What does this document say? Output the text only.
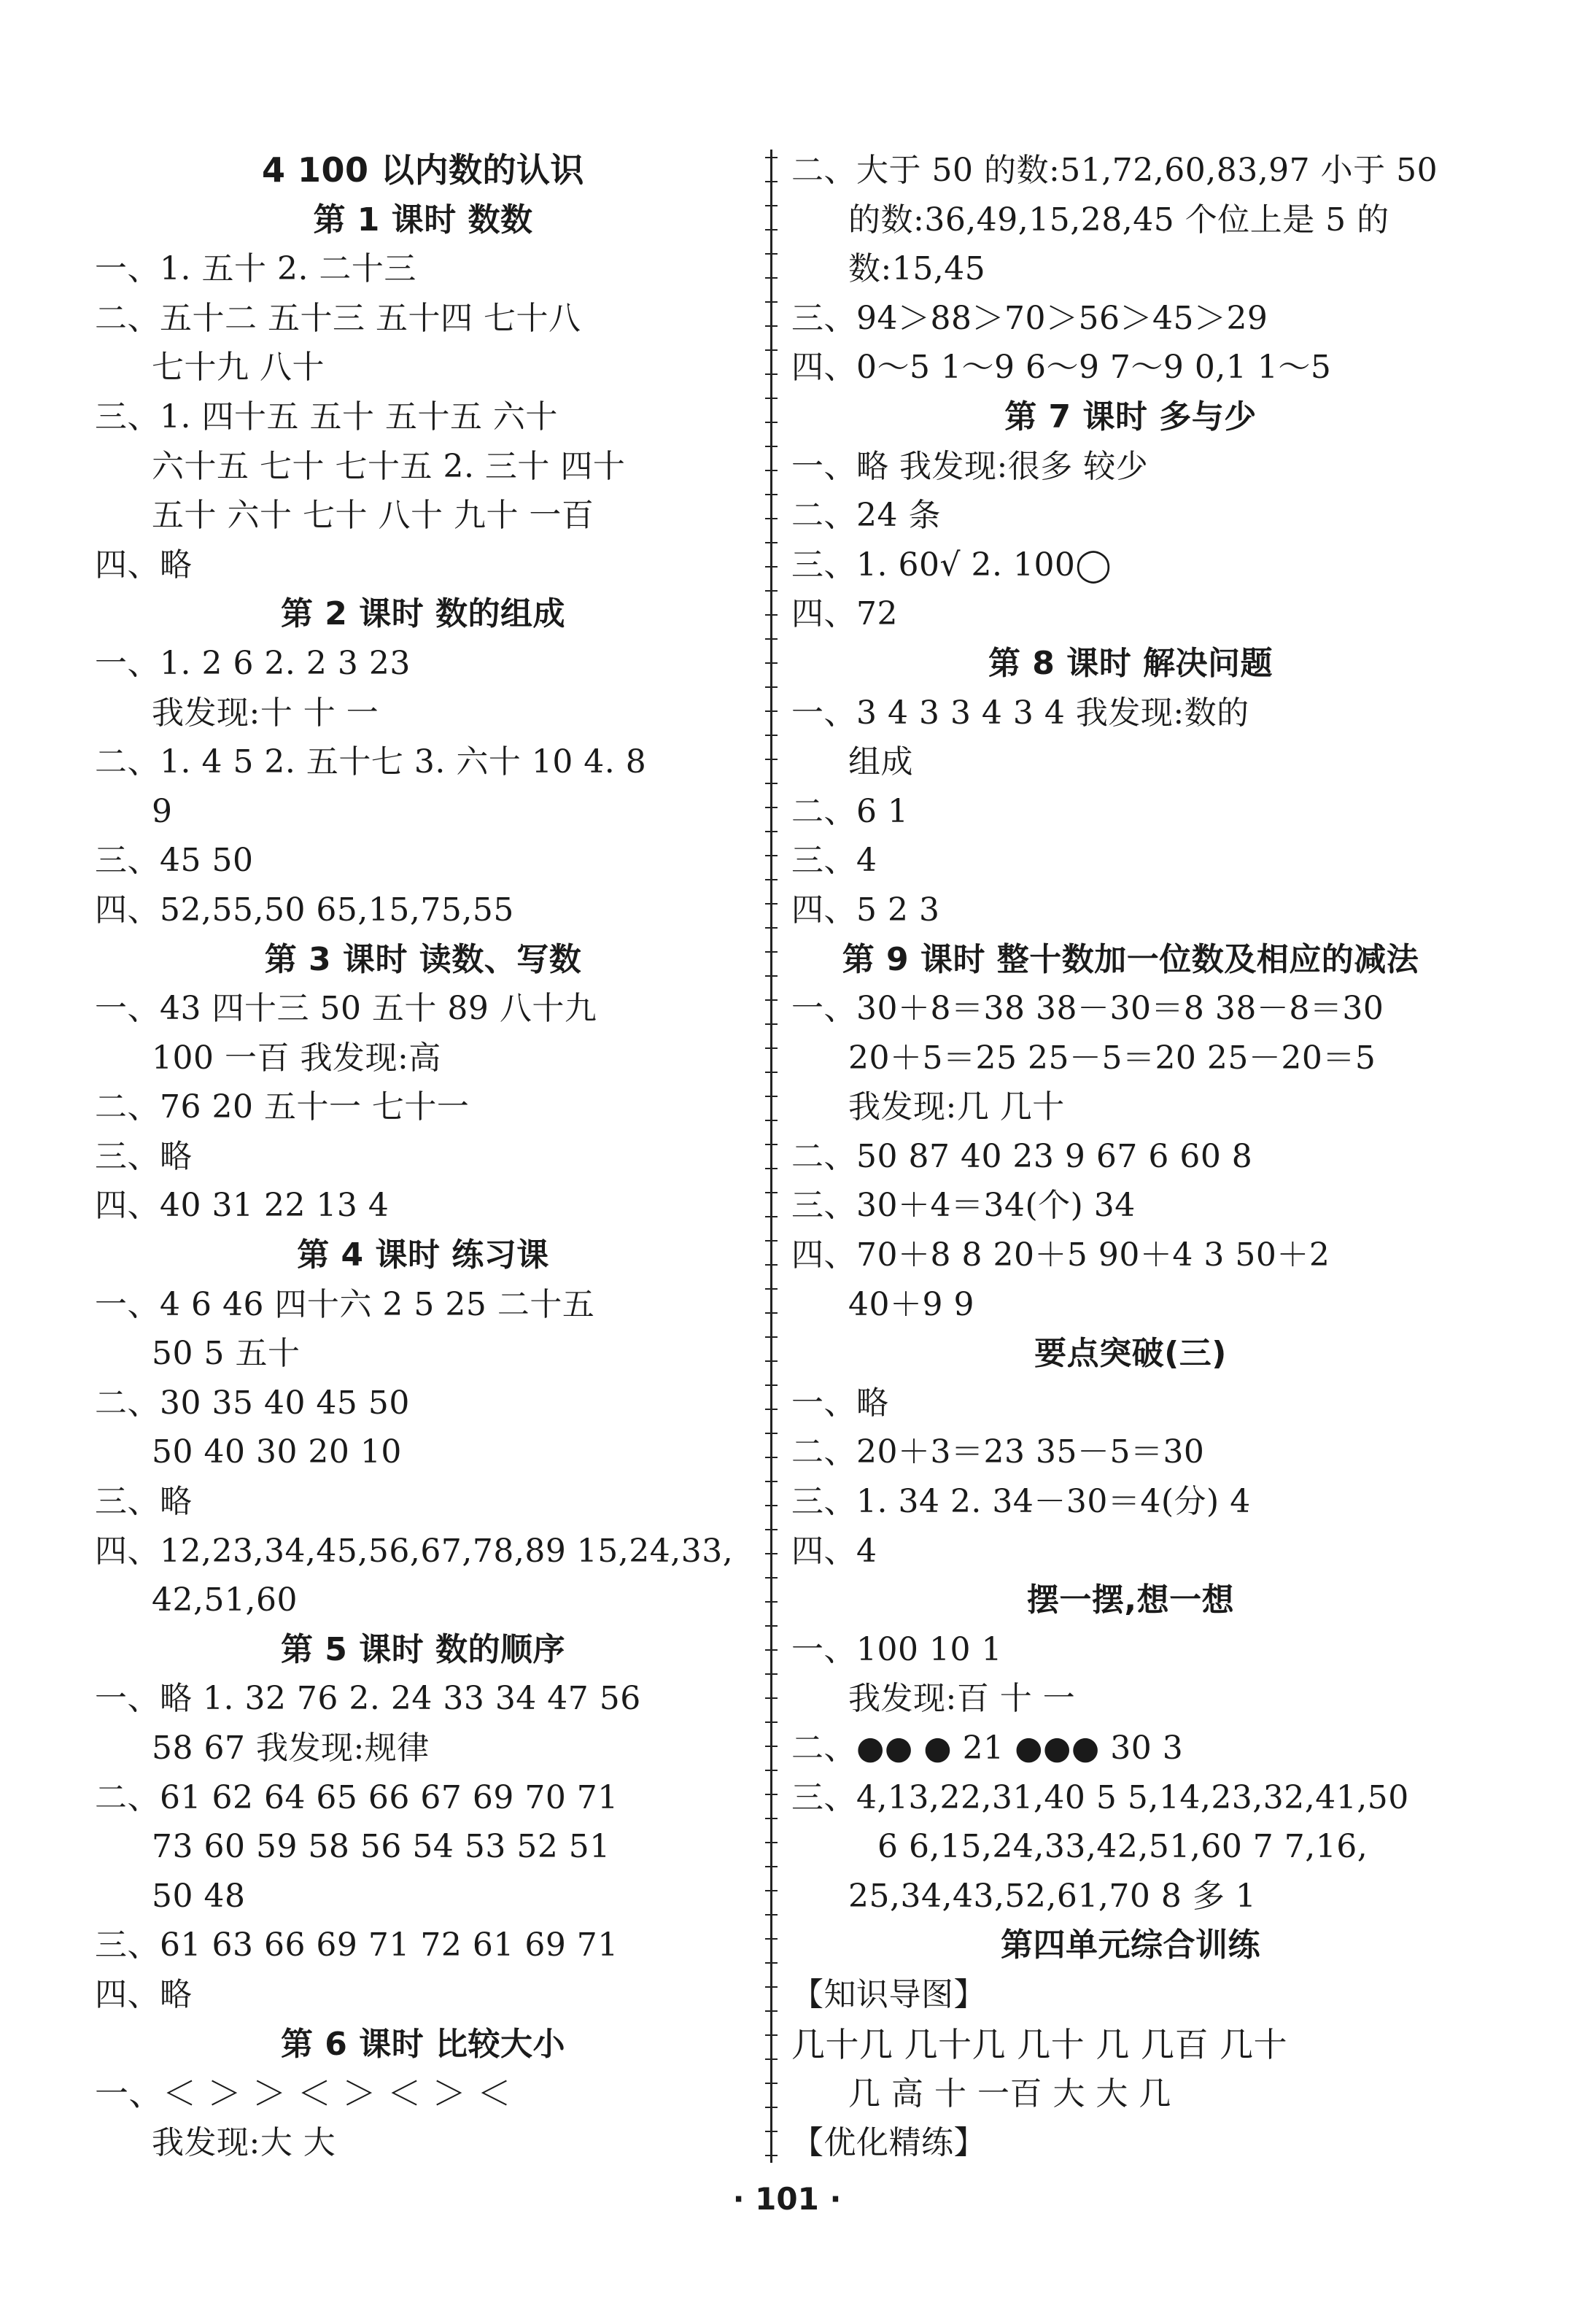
4 100 以内数的认识
第 1 课时 数数
一、1. 五十 2. 二十三
二、五十二 五十三 五十四 七十八
七十九 八十
三、1. 四十五 五十 五十五 六十
六十五 七十 七十五 2. 三十 四十
五十 六十 七十 八十 九十 一百
四、略
第 2 课时 数的组成
一、1. 2 6 2. 2 3 23
我发现:十 十 一
二、1. 4 5 2. 五十七 3. 六十 10 4. 8
9
三、45 50
四、52,55,50 65,15,75,55
第 3 课时 读数、写数
一、43 四十三 50 五十 89 八十九
100 一百 我发现:高
二、76 20 五十一 七十一
三、略
四、40 31 22 13 4
第 4 课时 练习课
一、4 6 46 四十六 2 5 25 二十五
50 5 五十
二、30 35 40 45 50
50 40 30 20 10
三、略
四、12,23,34,45,56,67,78,89 15,24,33,
42,51,60
第 5 课时 数的顺序
一、略 1. 32 76 2. 24 33 34 47 56
58 67 我发现:规律
二、61 62 64 65 66 67 69 70 71
73 60 59 58 56 54 53 52 51
50 48
三、61 63 66 69 71 72 61 69 71
四、略
第 6 课时 比较大小
一、＜ ＞ ＞ ＜ ＞ ＜ ＞ ＜
我发现:大 大
二、大于 50 的数:51,72,60,83,97 小于 50
的数:36,49,15,28,45 个位上是 5 的
数:15,45
三、94＞88＞70＞56＞45＞29
四、0～5 1～9 6～9 7～9 0,1 1～5
第 7 课时 多与少
一、略 我发现:很多 较少
二、24 条
三、1. 60√ 2. 100◯
四、72
第 8 课时 解决问题
一、3 4 3 3 4 3 4 我发现:数的
组成
二、6 1
三、4
四、5 2 3
第 9 课时 整十数加一位数及相应的减法
一、30＋8＝38 38－30＝8 38－8＝30
20＋5＝25 25－5＝20 25－20＝5
我发现:几 几十
二、50 87 40 23 9 67 6 60 8
三、30＋4＝34(个) 34
四、70＋8 8 20＋5 90＋4 3 50＋2
40＋9 9
要点突破(三)
一、略
二、20＋3＝23 35－5＝30
三、1. 34 2. 34－30＝4(分) 4
四、4
摆一摆,想一想
一、100 10 1
我发现:百 十 一
二、●● ● 21 ●●● 30 3
三、4,13,22,31,40 5 5,14,23,32,41,50
6 6,15,24,33,42,51,60 7 7,16,
25,34,43,52,61,70 8 多 1
第四单元综合训练
【知识导图】
几十几 几十几 几十 几 几百 几十
几 高 十 一百 大 大 几
【优化精练】
· 101 ·
